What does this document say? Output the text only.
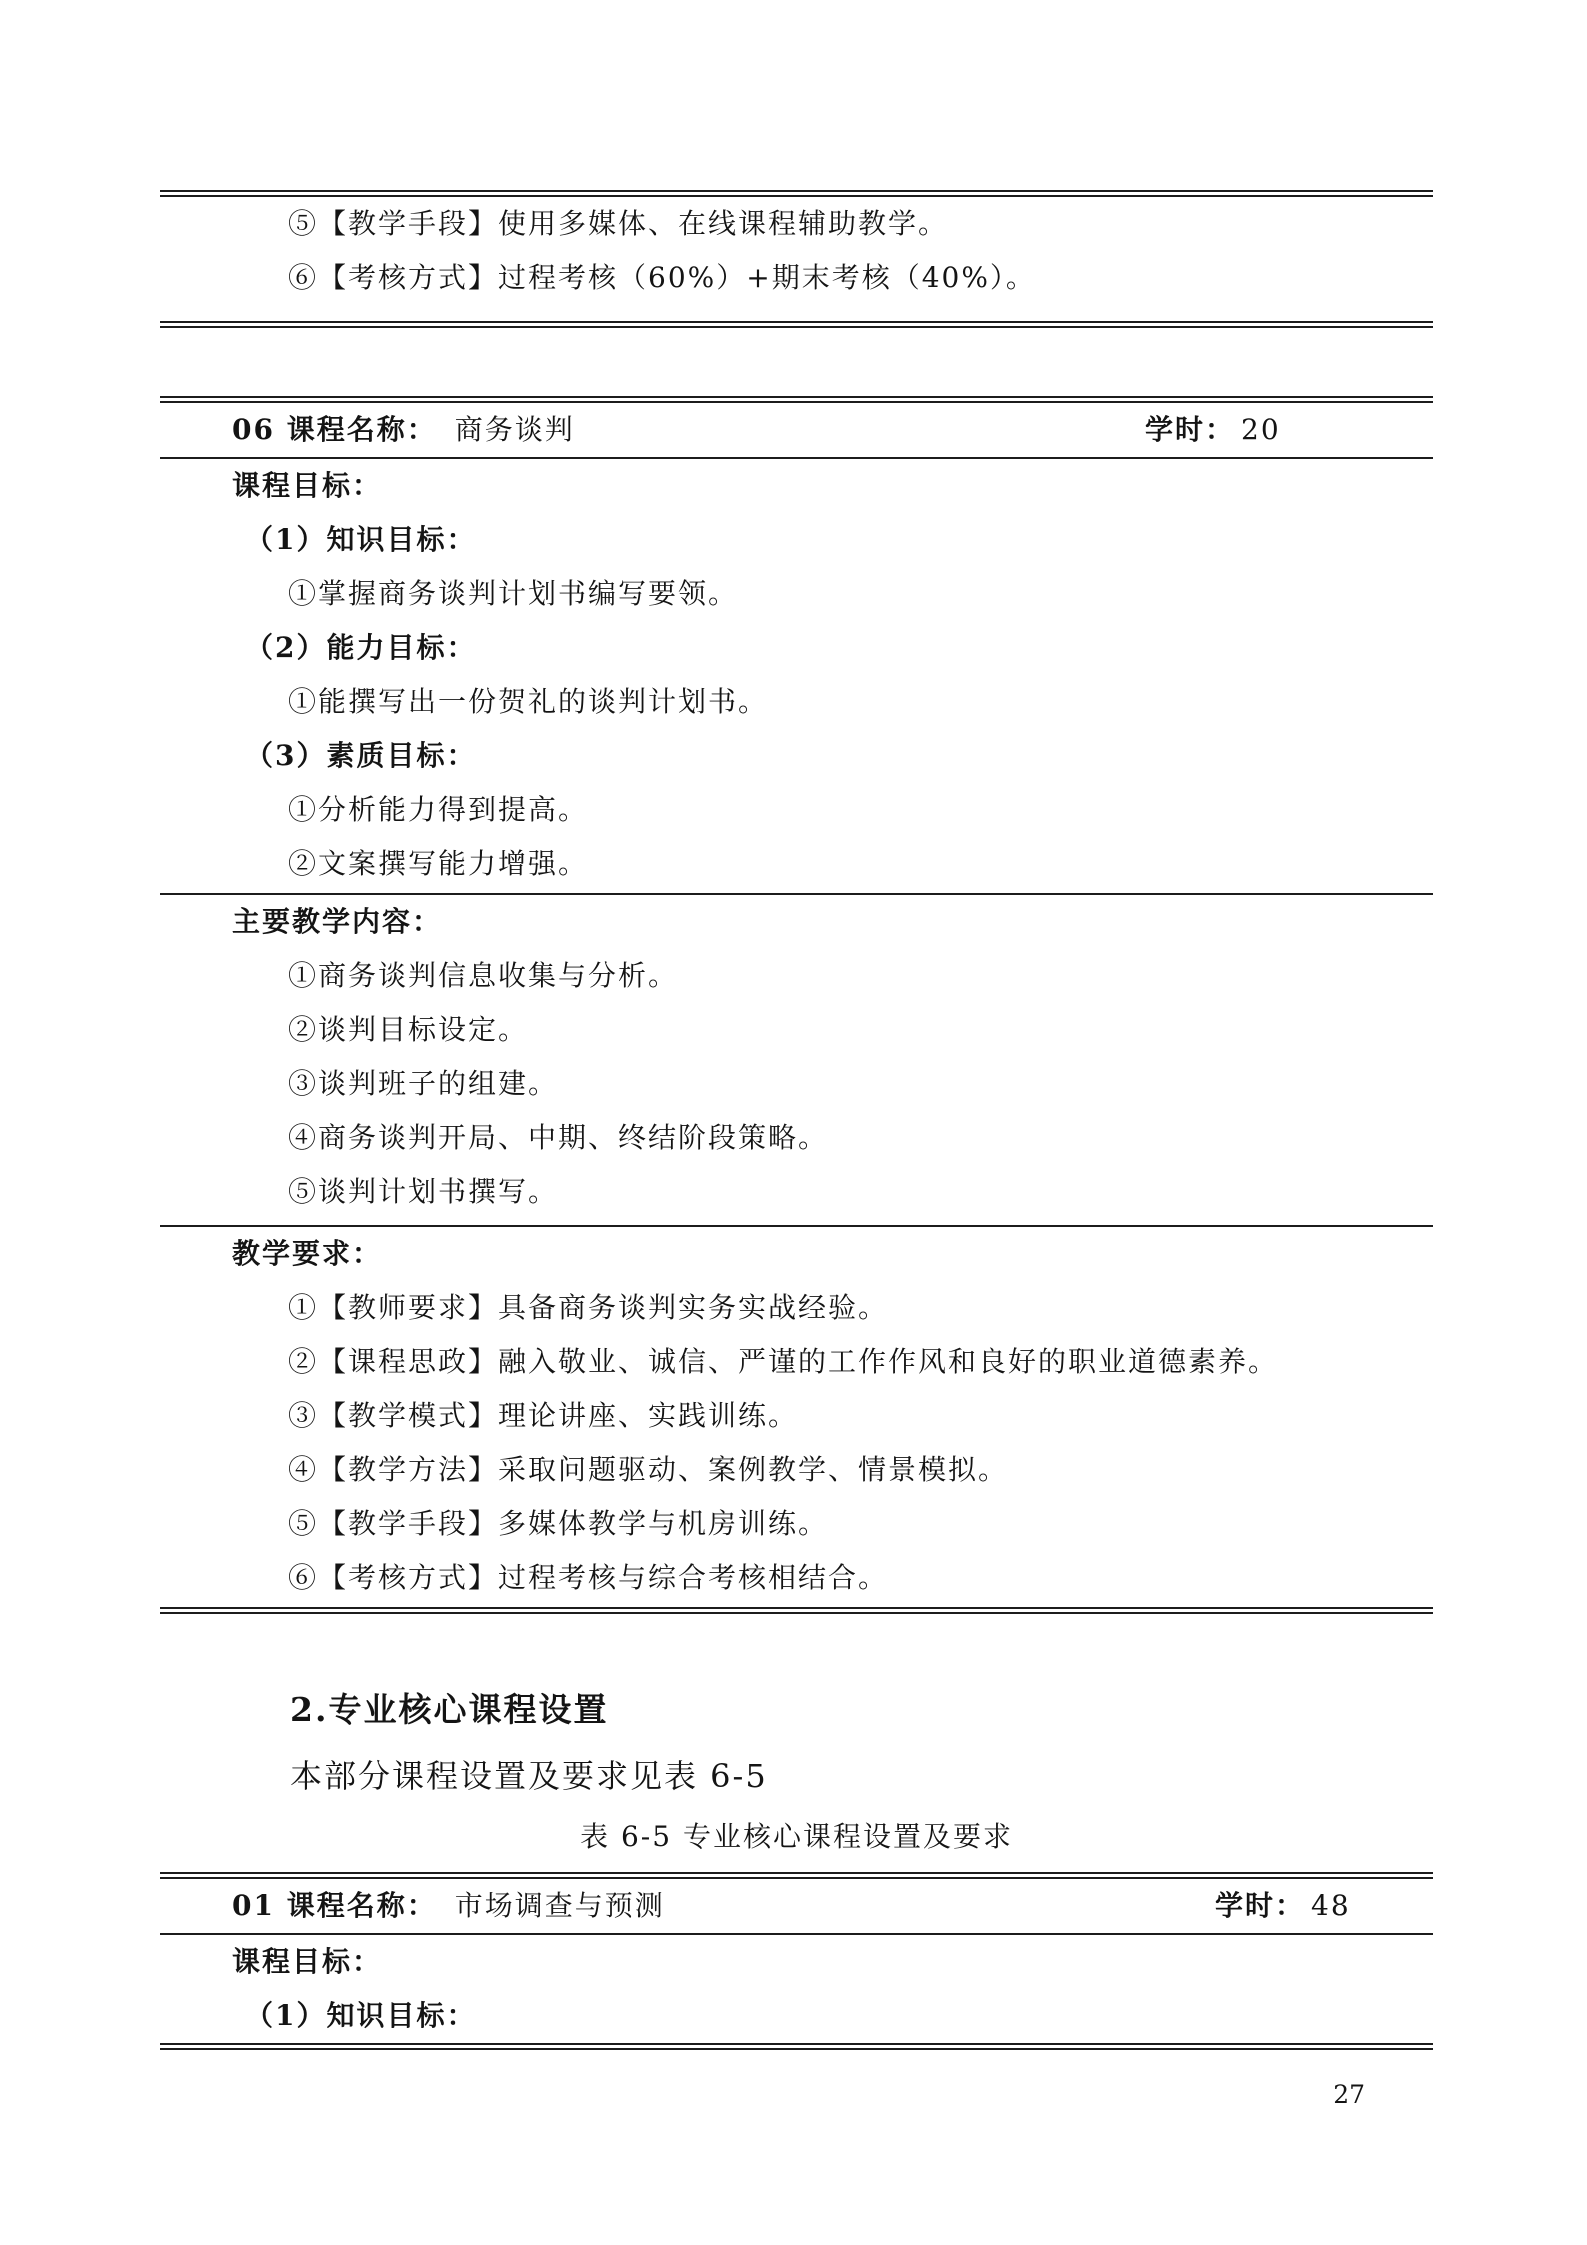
⑤【教学手段】使用多媒体、在线课程辅助教学。
⑥【考核方式】过程考核（60%）+期末考核（40%）。
06 课程名称： 商务谈判	学时： 20
课程目标：
（1）知识目标：
①掌握商务谈判计划书编写要领。
（2）能力目标：
①能撰写出一份贺礼的谈判计划书。
（3）素质目标：
①分析能力得到提高。
②文案撰写能力增强。
主要教学内容：
①商务谈判信息收集与分析。
②谈判目标设定。
③谈判班子的组建。
④商务谈判开局、中期、终结阶段策略。
⑤谈判计划书撰写。
教学要求：
①【教师要求】具备商务谈判实务实战经验。
②【课程思政】融入敬业、诚信、严谨的工作作风和良好的职业道德素养。
③【教学模式】理论讲座、实践训练。
④【教学方法】采取问题驱动、案例教学、情景模拟。
⑤【教学手段】多媒体教学与机房训练。
⑥【考核方式】过程考核与综合考核相结合。
2.专业核心课程设置
本部分课程设置及要求见表 6-5
表 6-5 专业核心课程设置及要求
01 课程名称： 市场调查与预测	学时： 48
课程目标：
（1）知识目标：
27
